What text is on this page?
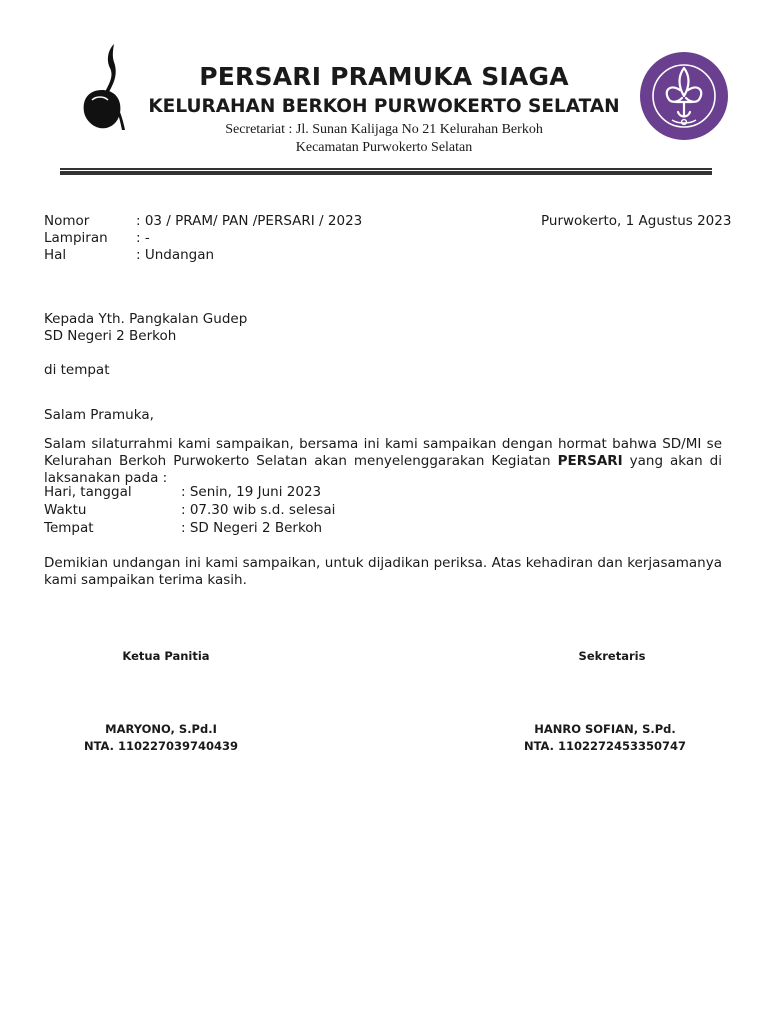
PERSARI PRAMUKA SIAGA
KELURAHAN BERKOH PURWOKERTO SELATAN
Secretariat : Jl. Sunan Kalijaga No 21 Kelurahan Berkoh
Kecamatan Purwokerto Selatan
Nomor	: 03 / PRAM/ PAN /PERSARI / 2023	Purwokerto, 1 Agustus 2023
Lampiran : -
Hal	: Undangan
Kepada Yth. Pangkalan Gudep
SD Negeri 2 Berkoh
di tempat
Salam Pramuka,
Salam silaturrahmi kami sampaikan, bersama ini kami sampaikan dengan hormat bahwa SD/MI se Kelurahan Berkoh Purwokerto Selatan akan menyelenggarakan Kegiatan PERSARI yang akan di laksanakan pada :
Hari, tanggal	: Senin, 19 Juni 2023
Waktu	: 07.30 wib s.d. selesai
Tempat	: SD Negeri 2 Berkoh
Demikian undangan ini kami sampaikan, untuk dijadikan periksa. Atas kehadiran dan kerjasamanya kami sampaikan terima kasih.
Ketua Panitia	Sekretaris
MARYONO, S.Pd.I
NTA. 110227039740439
HANRO SOFIAN, S.Pd.
NTA. 1102272453350747
